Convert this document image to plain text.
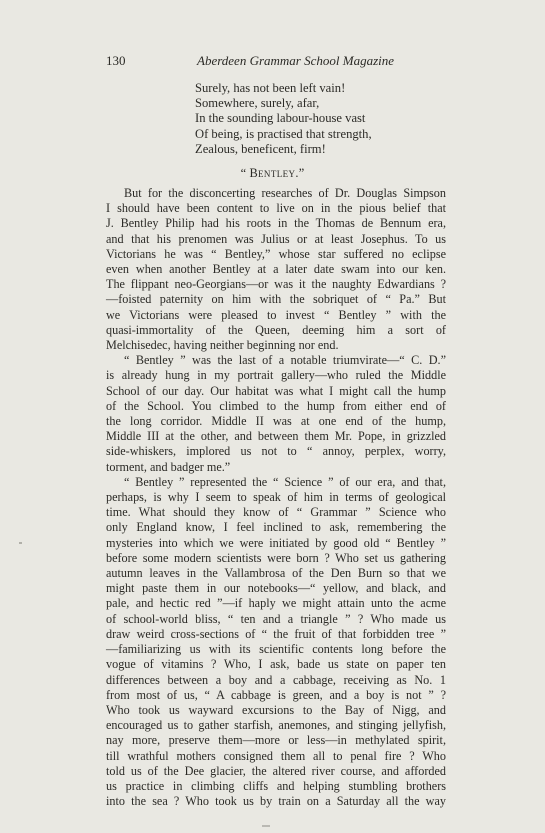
130	Aberdeen Grammar School Magazine
Surely, has not been left vain!
Somewhere, surely, afar,
In the sounding labour-house vast
Of being, is practised that strength,
Zealous, beneficent, firm!
“ Bentley.”
But for the disconcerting researches of Dr. Douglas Simpson
I should have been content to live on in the pious belief that
J. Bentley Philip had his roots in the Thomas de Bennum era,
and that his prenomen was Julius or at least Josephus. To us
Victorians he was “ Bentley,” whose star suffered no eclipse
even when another Bentley at a later date swam into our ken.
The flippant neo-Georgians—or was it the naughty Edwardians ?
—foisted paternity on him with the sobriquet of “ Pa.” But
we Victorians were pleased to invest “ Bentley ” with the
quasi-immortality of the Queen, deeming him a sort of
Melchisedec, having neither beginning nor end.
“ Bentley ” was the last of a notable triumvirate—“ C. D.”
is already hung in my portrait gallery—who ruled the Middle
School of our day. Our habitat was what I might call the hump
of the School. You climbed to the hump from either end of
the long corridor. Middle II was at one end of the hump,
Middle III at the other, and between them Mr. Pope, in grizzled
side-whiskers, implored us not to “ annoy, perplex, worry,
torment, and badger me.”
“ Bentley ” represented the “ Science ” of our era, and that,
perhaps, is why I seem to speak of him in terms of geological
time. What should they know of “ Grammar ” Science who
only England know, I feel inclined to ask, remembering the
mysteries into which we were initiated by good old “ Bentley ”
before some modern scientists were born ? Who set us gathering
autumn leaves in the Vallambrosa of the Den Burn so that we
might paste them in our notebooks—“ yellow, and black, and
pale, and hectic red ”—if haply we might attain unto the acme
of school-world bliss, “ ten and a triangle ” ? Who made us
draw weird cross-sections of “ the fruit of that forbidden tree ”
—familiarizing us with its scientific contents long before the
vogue of vitamins ? Who, I ask, bade us state on paper ten
differences between a boy and a cabbage, receiving as No. 1
from most of us, “ A cabbage is green, and a boy is not ” ?
Who took us wayward excursions to the Bay of Nigg, and
encouraged us to gather starfish, anemones, and stinging jellyfish,
nay more, preserve them—more or less—in methylated spirit,
till wrathful mothers consigned them all to penal fire ? Who
told us of the Dee glacier, the altered river course, and afforded
us practice in climbing cliffs and helping stumbling brothers
into the sea ? Who took us by train on a Saturday all the way
